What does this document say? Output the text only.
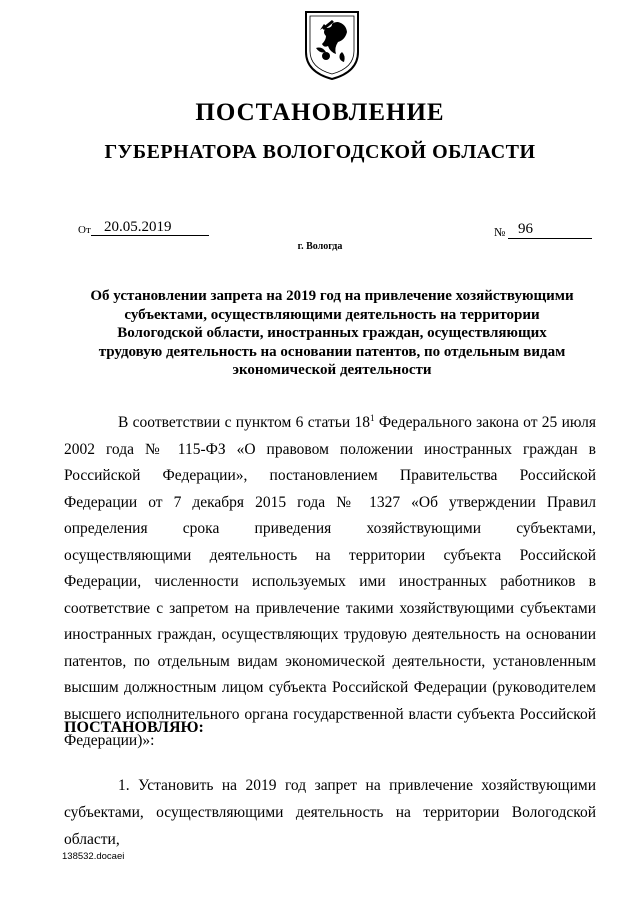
ПОСТАНОВЛЕНИЕ
ГУБЕРНАТОРА ВОЛОГОДСКОЙ ОБЛАСТИ
От 20.05.2019	№ 96
г. Вологда
Об установлении запрета на 2019 год на привлечение хозяйствующими
субъектами, осуществляющими деятельность на территории
Вологодской области, иностранных граждан, осуществляющих
трудовую деятельность на основании патентов, по отдельным видам
экономической деятельности
В соответствии с пунктом 6 статьи $18^1$ Федерального закона от 25 июля 2002 года № 115-ФЗ «О правовом положении иностранных граждан в Российской Федерации», постановлением Правительства Российской Федерации от 7 декабря 2015 года № 1327 «Об утверждении Правил определения срока приведения хозяйствующими субъектами, осуществляющими деятельность на территории субъекта Российской Федерации, численности используемых ими иностранных работников в соответствие с запретом на привлечение такими хозяйствующими субъектами иностранных граждан, осуществляющих трудовую деятельность на основании патентов, по отдельным видам экономической деятельности, установленным высшим должностным лицом субъекта Российской Федерации (руководителем высшего исполнительного органа государственной власти субъекта Российской Федерации)»:
ПОСТАНОВЛЯЮ:
1. Установить на 2019 год запрет на привлечение хозяйствующими субъектами, осуществляющими деятельность на территории Вологодской области,
138532.docaei
